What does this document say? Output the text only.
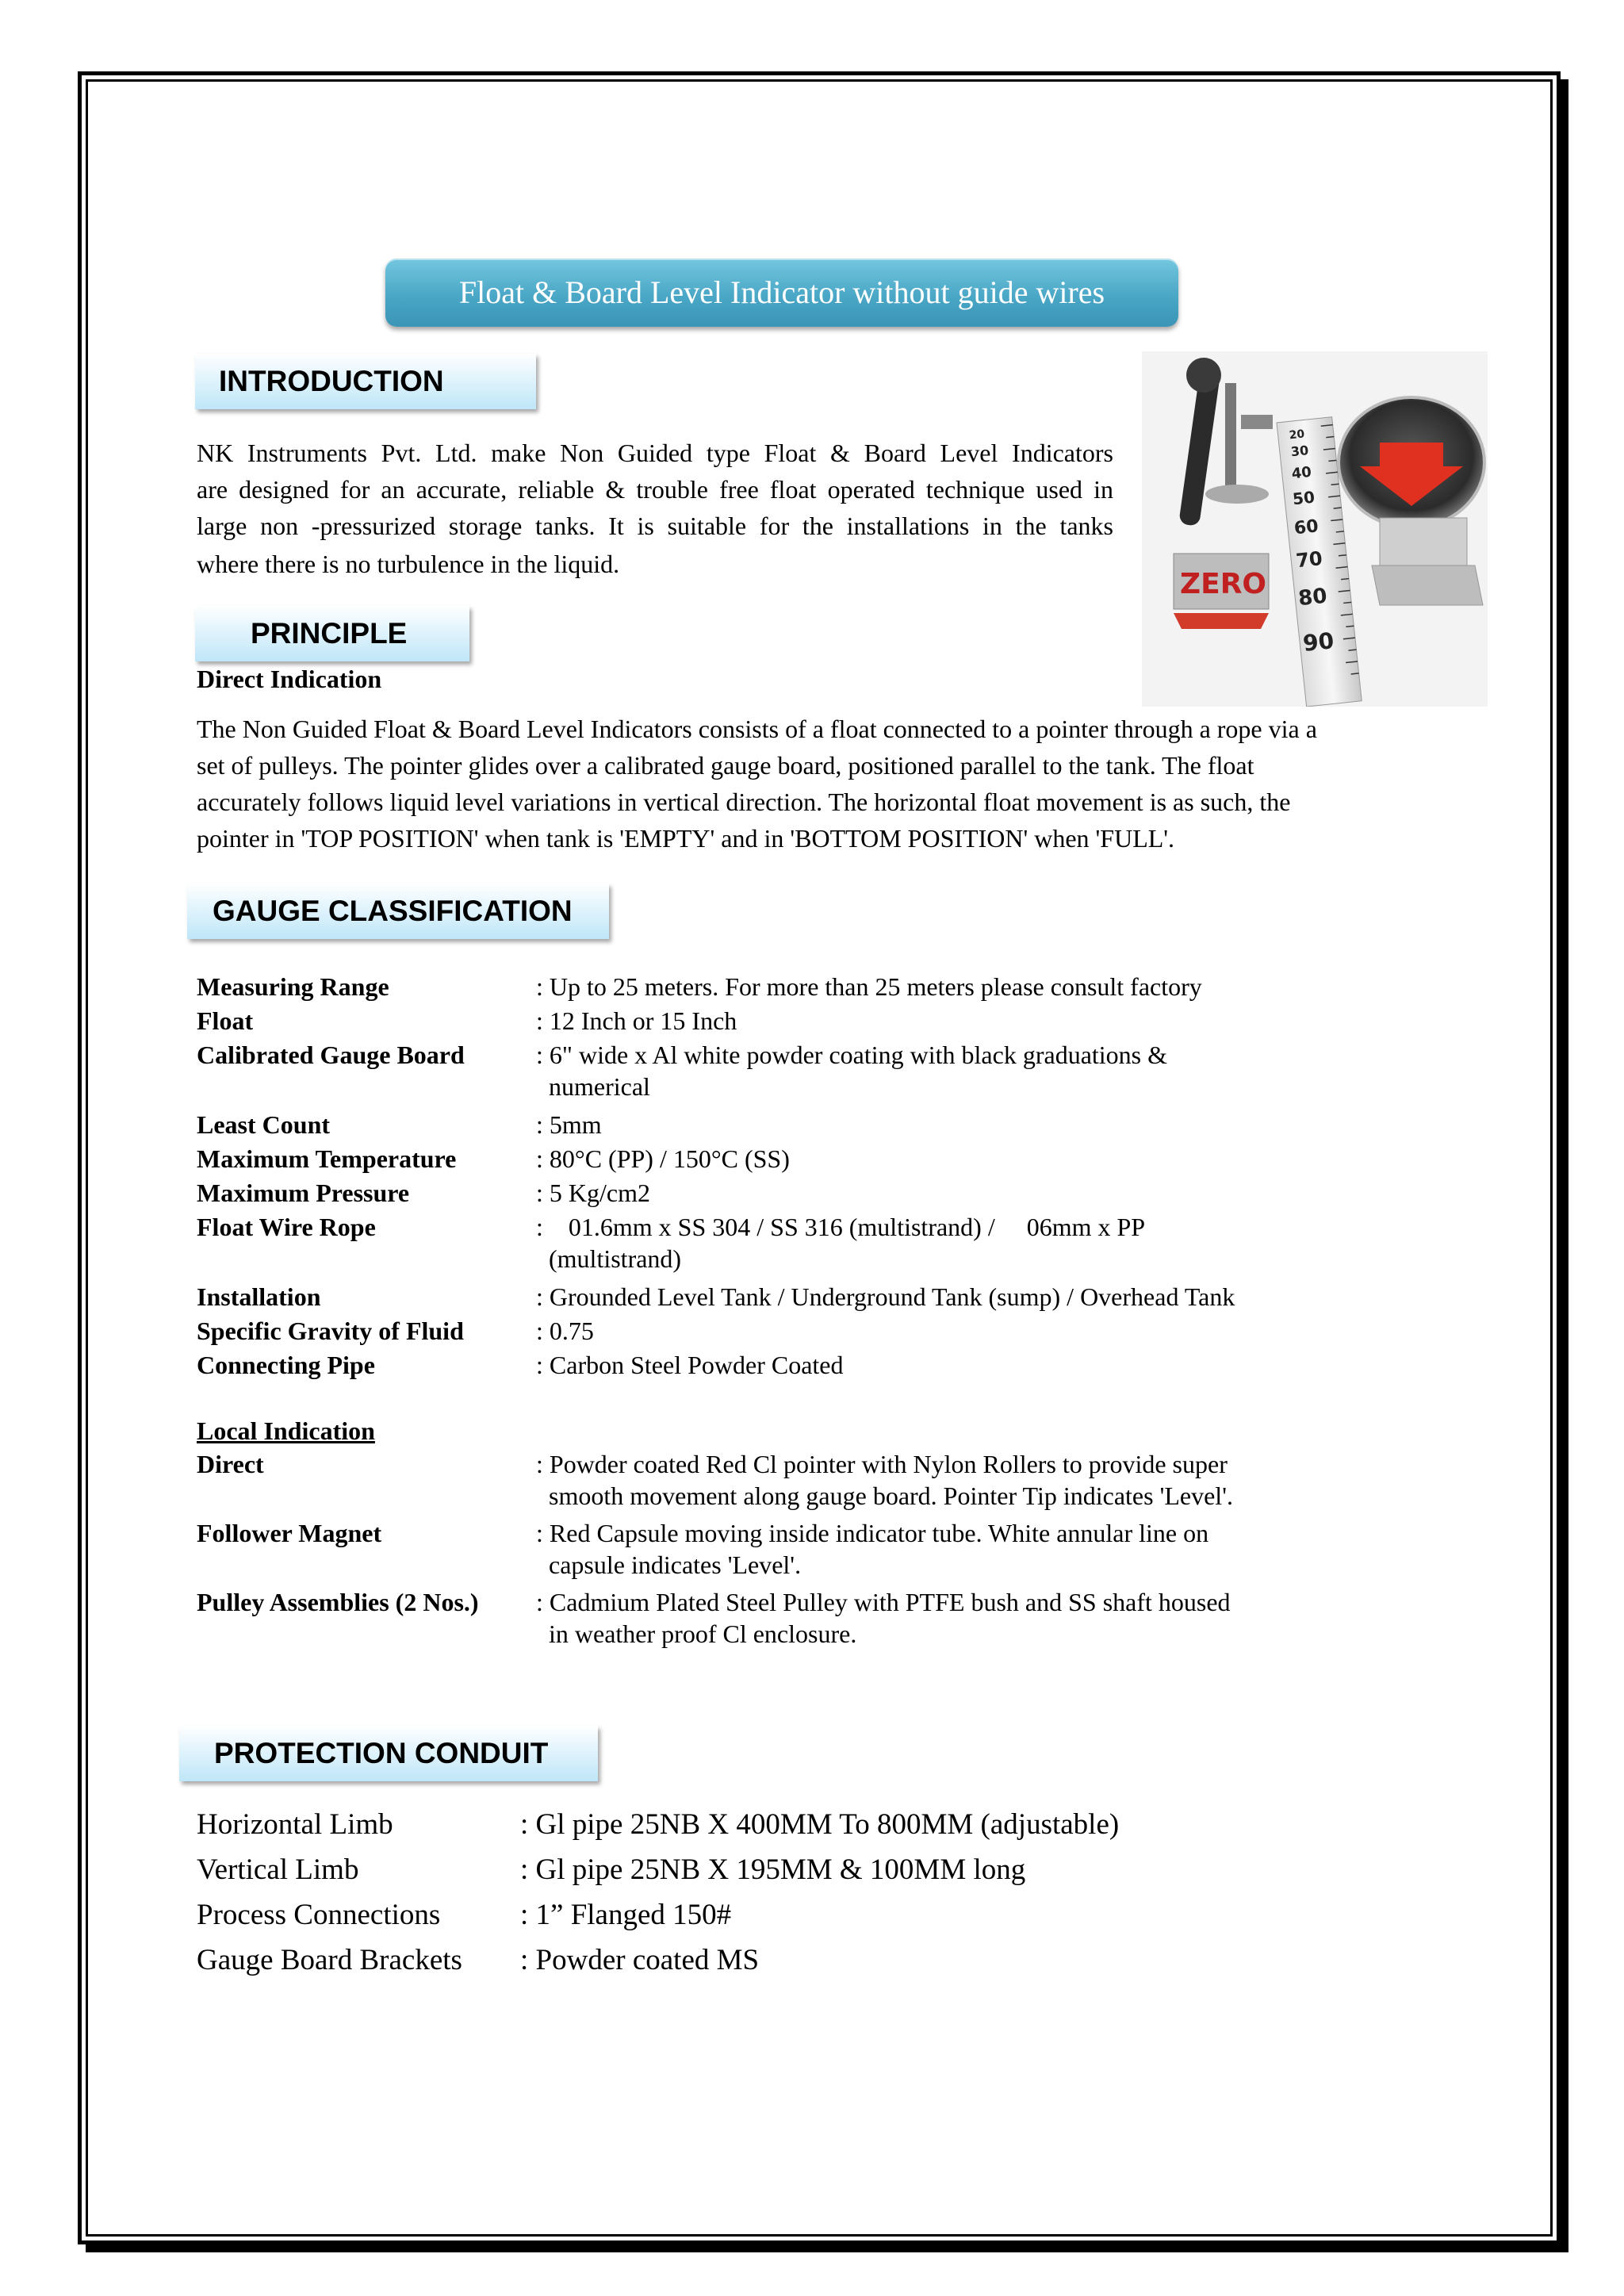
Float & Board Level Indicator without guide wires
INTRODUCTION
NK Instruments Pvt. Ltd. make Non Guided type Float & Board Level Indicators
are designed for an accurate, reliable & trouble free float operated technique used in
large non -pressurized storage tanks. It is suitable for the installations in the tanks
where there is no turbulence in the liquid.
20
30
40
50
60
70
80
90
ZERO
PRINCIPLE
Direct Indication
The Non Guided Float & Board Level Indicators consists of a float connected to a pointer through a rope via a
set of pulleys. The pointer glides over a calibrated gauge board, positioned parallel to the tank. The float
accurately follows liquid level variations in vertical direction. The horizontal float movement is as such, the
pointer in 'TOP POSITION' when tank is 'EMPTY' and in 'BOTTOM POSITION' when 'FULL'.
GAUGE CLASSIFICATION
Measuring Range	: Up to 25 meters. For more than 25 meters please consult factory
Float	: 12 Inch or 15 Inch
Calibrated Gauge Board	: 6" wide x Al white powder coating with black graduations &
numerical
Least Count	: 5mm
Maximum Temperature	: 80°C (PP) / 150°C (SS)
Maximum Pressure	: 5 Kg/cm2
Float Wire Rope	:    01.6mm x SS 304 / SS 316 (multistrand) /     06mm x PP
(multistrand)
Installation	: Grounded Level Tank / Underground Tank (sump) / Overhead Tank
Specific Gravity of Fluid	: 0.75
Connecting Pipe	: Carbon Steel Powder Coated
Local Indication
Direct	: Powder coated Red Cl pointer with Nylon Rollers to provide super
smooth movement along gauge board. Pointer Tip indicates 'Level'.
Follower Magnet	: Red Capsule moving inside indicator tube. White annular line on
capsule indicates 'Level'.
Pulley Assemblies (2 Nos.) : Cadmium Plated Steel Pulley with PTFE bush and SS shaft housed
in weather proof Cl enclosure.
PROTECTION CONDUIT
Horizontal Limb	: Gl pipe 25NB X 400MM To 800MM (adjustable)
Vertical Limb	: Gl pipe 25NB X 195MM & 100MM long
Process Connections	: 1” Flanged 150#
Gauge Board Brackets : Powder coated MS
